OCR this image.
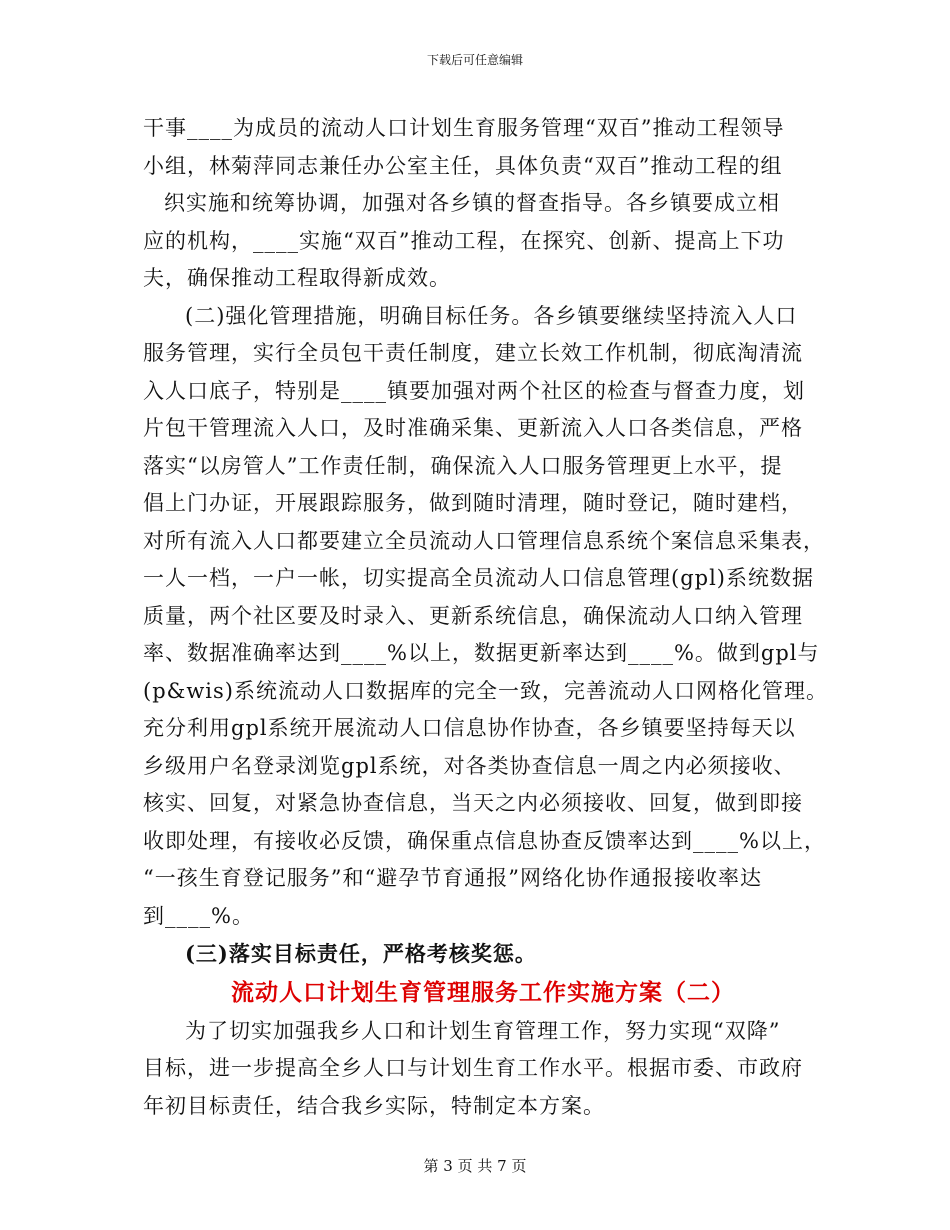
下载后可任意编辑
干事____为成员的流动人口计划生育服务管理“双百”推动工程领导
小组，林菊萍同志兼任办公室主任，具体负责“双百”推动工程的组
织实施和统筹协调，加强对各乡镇的督查指导。各乡镇要成立相
应的机构，____实施“双百”推动工程，在探究、创新、提高上下功
夫，确保推动工程取得新成效。
(二)强化管理措施，明确目标任务。各乡镇要继续坚持流入人口
服务管理，实行全员包干责任制度，建立长效工作机制，彻底淘清流
入人口底子，特别是____镇要加强对两个社区的检查与督查力度，划
片包干管理流入人口，及时准确采集、更新流入人口各类信息，严格
落实“以房管人”工作责任制，确保流入人口服务管理更上水平，提
倡上门办证，开展跟踪服务，做到随时清理，随时登记，随时建档，
对所有流入人口都要建立全员流动人口管理信息系统个案信息采集表，
一人一档，一户一帐，切实提高全员流动人口信息管理(gpl)系统数据
质量，两个社区要及时录入、更新系统信息，确保流动人口纳入管理
率、数据准确率达到____%以上，数据更新率达到____%。做到gpl与
(p&wis)系统流动人口数据库的完全一致，完善流动人口网格化管理。
充分利用gpl系统开展流动人口信息协作协查，各乡镇要坚持每天以
乡级用户名登录浏览gpl系统，对各类协查信息一周之内必须接收、
核实、回复，对紧急协查信息，当天之内必须接收、回复，做到即接
收即处理，有接收必反馈，确保重点信息协查反馈率达到____%以上，
“一孩生育登记服务”和“避孕节育通报”网络化协作通报接收率达
到____%。
(三)落实目标责任，严格考核奖惩。
流动人口计划生育管理服务工作实施方案（二）
为了切实加强我乡人口和计划生育管理工作，努力实现“双降”
目标，进一步提高全乡人口与计划生育工作水平。根据市委、市政府
年初目标责任，结合我乡实际，特制定本方案。
第 3 页 共 7 页
